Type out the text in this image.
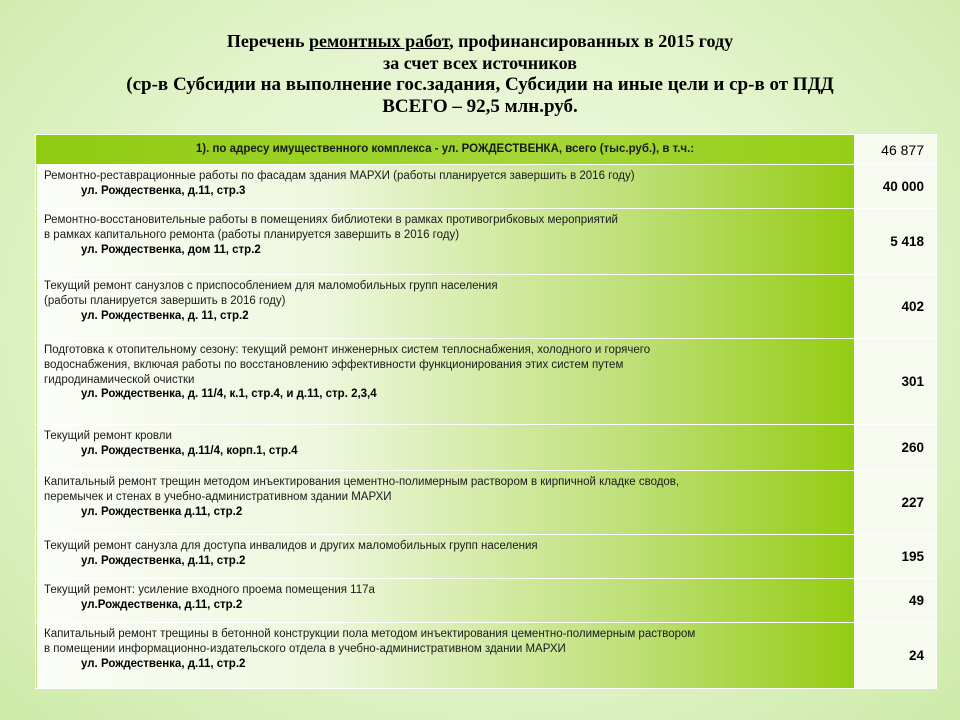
Перечень ремонтных работ, профинансированных в 2015 году
за счет всех источников
(ср-в Субсидии на выполнение гос.задания, Субсидии на иные цели и ср-в от ПДД
ВСЕГО – 92,5 млн.руб.
1). по адресу имущественного комплекса - ул. РОЖДЕСТВЕНКА, всего (тыс.руб.), в т.ч.:	46 877

Ремонтно-реставрационные работы по фасадам здания МАРХИ (работы планируется завершить в 2016 году)
ул. Рождественка, д.11, стр.3	40 000

Ремонтно-восстановительные работы в помещениях библиотеки в рамках противогрибковых мероприятий
в рамках капитального ремонта (работы планируется завершить в 2016 году)
ул. Рождественка, дом 11, стр.2	5 418

Текущий ремонт санузлов с приспособлением для маломобильных групп населения
(работы планируется завершить в 2016 году)
ул. Рождественка, д. 11, стр.2	402

Подготовка к отопительному сезону: текущий ремонт инженерных систем теплоснабжения, холодного и горячего
водоснабжения, включая работы по восстановлению эффективности функционирования этих систем путем
гидродинамической очистки
ул. Рождественка, д. 11/4, к.1, стр.4, и д.11, стр. 2,3,4	301

Текущий ремонт кровли
ул. Рождественка, д.11/4, корп.1, стр.4	260

Капитальный ремонт трещин методом инъектирования цементно-полимерным раствором в кирпичной кладке сводов,
перемычек и стенах в учебно-административном здании МАРХИ
ул. Рождественка д.11, стр.2	227

Текущий ремонт санузла для доступа инвалидов и других маломобильных групп населения
ул. Рождественка, д.11, стр.2	195

Текущий ремонт: усиление входного проема помещения 117а
ул.Рождественка, д.11, стр.2	49

Капитальный ремонт трещины в бетонной конструкции пола методом инъектирования цементно-полимерным раствором
в помещении информационно-издательского отдела в учебно-административном здании МАРХИ
ул. Рождественка, д.11, стр.2	24
